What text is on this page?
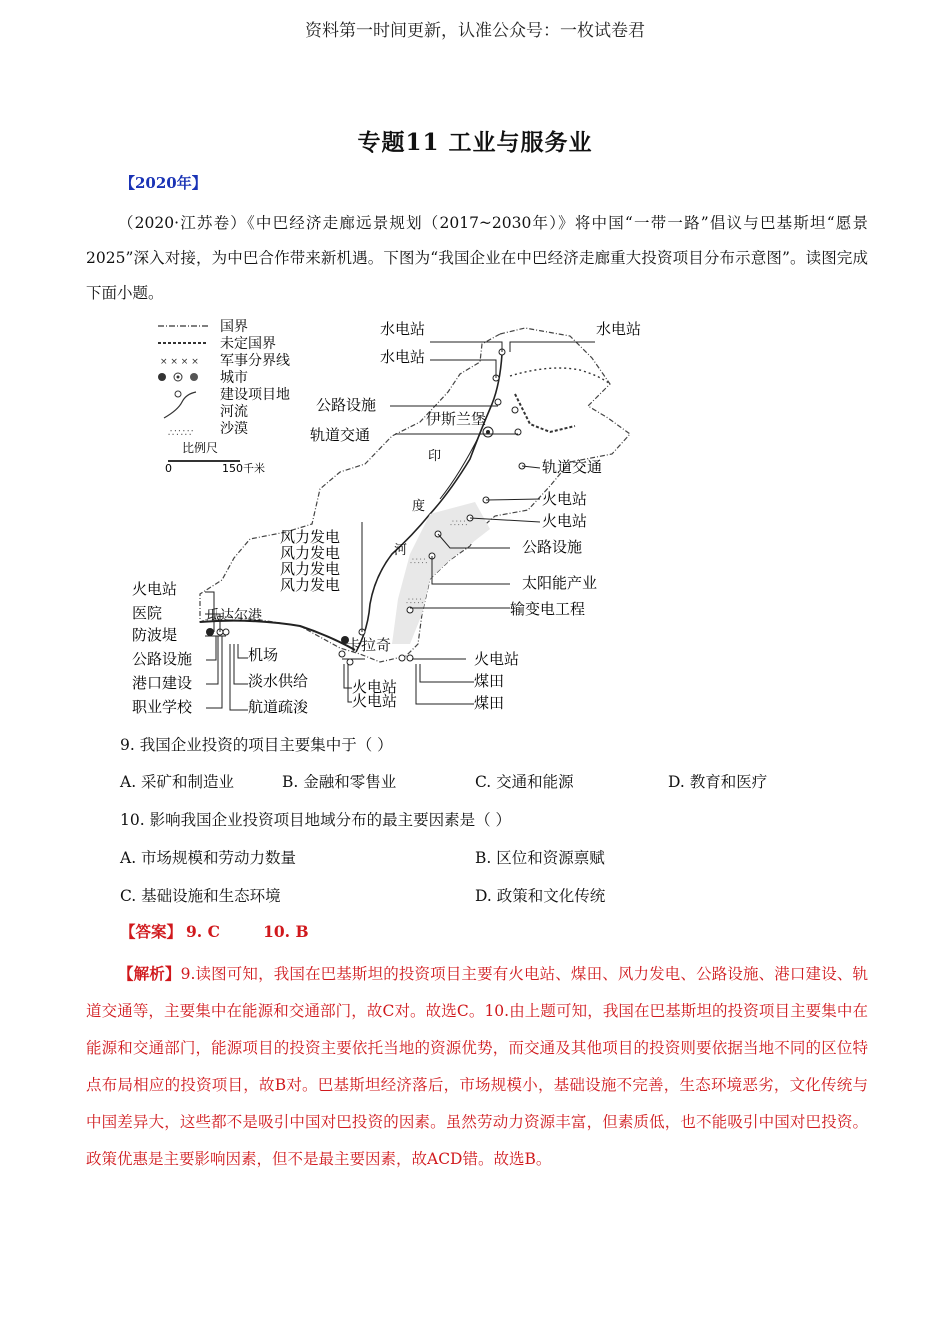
资料第一时间更新，认准公众号：一枚试卷君
专题11 工业与服务业
【2020年】
（2020·江苏卷）《中巴经济走廊远景规划（2017~2030年）》将中国“一带一路”倡议与巴基斯坦“愿景2025”深入对接，为中巴合作带来新机遇。下图为“我国企业在中巴经济走廊重大投资项目分布示意图”。读图完成下面小题。
× × × ×
∴∵∴∵
国界
未定国界
军事分界线
城市
建设项目地
河流
沙漠
比例尺
0	150千米
∴∵∴
∴∵∴
∴∵∴
伊斯兰堡
卡拉奇
瓜达尔港
印
度
河
水电站
水电站
水电站
公路设施
轨道交通
轨道交通
火电站
火电站
公路设施
太阳能产业
输变电工程
风力发电
风力发电
风力发电
风力发电
火电站
医院
防波堤
公路设施
港口建设
职业学校
机场
淡水供给
航道疏浚
火电站
火电站
火电站
煤田
煤田
9. 我国企业投资的项目主要集中于（ ）
A. 采矿和制造业	B. 金融和零售业	C. 交通和能源	D. 教育和医疗
10. 影响我国企业投资项目地域分布的最主要因素是（ ）
A. 市场规模和劳动力数量	B. 区位和资源禀赋
C. 基础设施和生态环境	D. 政策和文化传统
【答案】 9. C        10. B
【解析】9.读图可知，我国在巴基斯坦的投资项目主要有火电站、煤田、风力发电、公路设施、港口建设、轨道交通等，主要集中在能源和交通部门，故C对。故选C。10.由上题可知，我国在巴基斯坦的投资项目主要集中在能源和交通部门，能源项目的投资主要依托当地的资源优势，而交通及其他项目的投资则要依据当地不同的区位特点布局相应的投资项目，故B对。巴基斯坦经济落后，市场规模小，基础设施不完善，生态环境恶劣，文化传统与中国差异大，这些都不是吸引中国对巴投资的因素。虽然劳动力资源丰富，但素质低，也不能吸引中国对巴投资。政策优惠是主要影响因素，但不是最主要因素，故ACD错。故选B。
